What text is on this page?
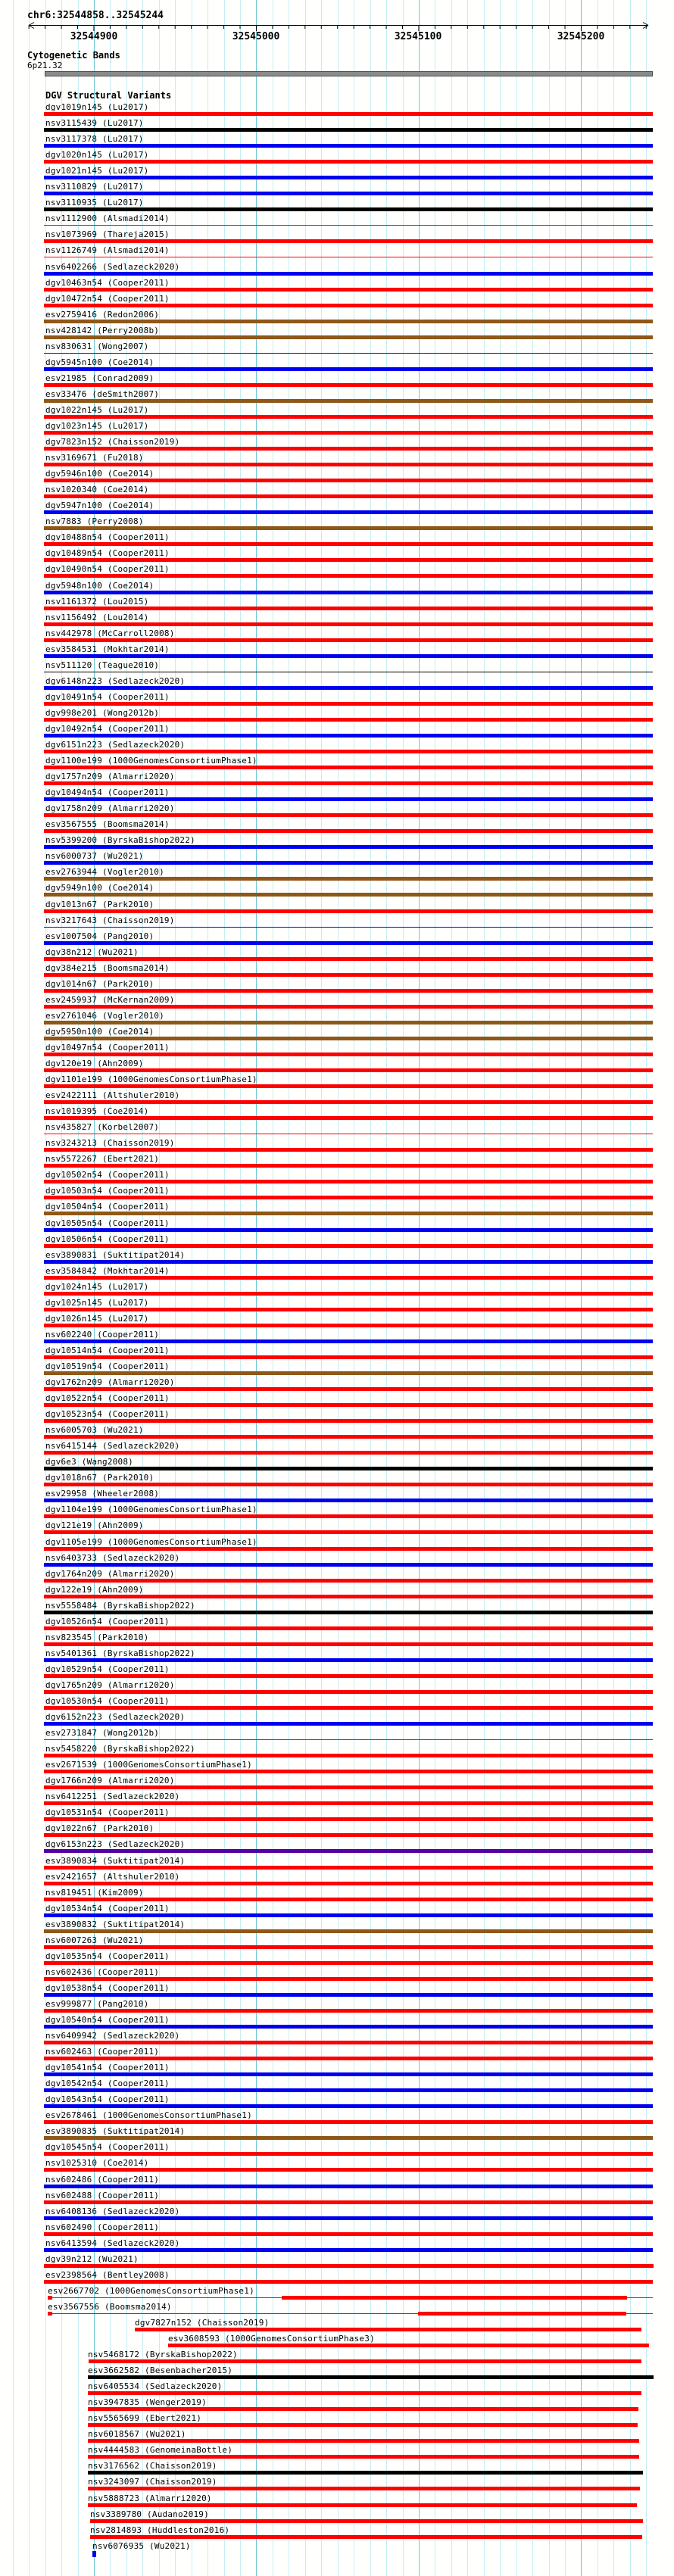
chr6:32544858..32545244
32544900	32545000	32545100	32545200
Cytogenetic Bands
6p21.32
DGV Structural Variants
dgv1019n145 (Lu2017)
nsv3115439 (Lu2017)
nsv3117378 (Lu2017)
dgv1020n145 (Lu2017)
dgv1021n145 (Lu2017)
nsv3110829 (Lu2017)
nsv3110935 (Lu2017)
nsv1112900 (Alsmadi2014)
nsv1073969 (Thareja2015)
nsv1126749 (Alsmadi2014)
nsv6402266 (Sedlazeck2020)
dgv10463n54 (Cooper2011)
dgv10472n54 (Cooper2011)
esv2759416 (Redon2006)
nsv428142 (Perry2008b)
nsv830631 (Wong2007)
dgv5945n100 (Coe2014)
esv21985 (Conrad2009)
esv33476 (deSmith2007)
dgv1022n145 (Lu2017)
dgv1023n145 (Lu2017)
dgv7823n152 (Chaisson2019)
nsv3169671 (Fu2018)
dgv5946n100 (Coe2014)
nsv1020340 (Coe2014)
dgv5947n100 (Coe2014)
nsv7883 (Perry2008)
dgv10488n54 (Cooper2011)
dgv10489n54 (Cooper2011)
dgv10490n54 (Cooper2011)
dgv5948n100 (Coe2014)
nsv1161372 (Lou2015)
nsv1156492 (Lou2014)
nsv442978 (McCarroll2008)
esv3584531 (Mokhtar2014)
nsv511120 (Teague2010)
dgv6148n223 (Sedlazeck2020)
dgv10491n54 (Cooper2011)
dgv998e201 (Wong2012b)
dgv10492n54 (Cooper2011)
dgv6151n223 (Sedlazeck2020)
dgv1100e199 (1000GenomesConsortiumPhase1)
dgv1757n209 (Almarri2020)
dgv10494n54 (Cooper2011)
dgv1758n209 (Almarri2020)
esv3567555 (Boomsma2014)
nsv5399200 (ByrskaBishop2022)
nsv6000737 (Wu2021)
esv2763944 (Vogler2010)
dgv5949n100 (Coe2014)
dgv1013n67 (Park2010)
nsv3217643 (Chaisson2019)
esv1007504 (Pang2010)
dgv38n212 (Wu2021)
dgv384e215 (Boomsma2014)
dgv1014n67 (Park2010)
esv2459937 (McKernan2009)
esv2761046 (Vogler2010)
dgv5950n100 (Coe2014)
dgv10497n54 (Cooper2011)
dgv120e19 (Ahn2009)
dgv1101e199 (1000GenomesConsortiumPhase1)
esv2422111 (Altshuler2010)
nsv1019395 (Coe2014)
nsv435827 (Korbel2007)
nsv3243213 (Chaisson2019)
nsv5572267 (Ebert2021)
dgv10502n54 (Cooper2011)
dgv10503n54 (Cooper2011)
dgv10504n54 (Cooper2011)
dgv10505n54 (Cooper2011)
dgv10506n54 (Cooper2011)
esv3890831 (Suktitipat2014)
esv3584842 (Mokhtar2014)
dgv1024n145 (Lu2017)
dgv1025n145 (Lu2017)
dgv1026n145 (Lu2017)
nsv602240 (Cooper2011)
dgv10514n54 (Cooper2011)
dgv10519n54 (Cooper2011)
dgv1762n209 (Almarri2020)
dgv10522n54 (Cooper2011)
dgv10523n54 (Cooper2011)
nsv6005703 (Wu2021)
nsv6415144 (Sedlazeck2020)
dgv6e3 (Wang2008)
dgv1018n67 (Park2010)
esv29958 (Wheeler2008)
dgv1104e199 (1000GenomesConsortiumPhase1)
dgv121e19 (Ahn2009)
dgv1105e199 (1000GenomesConsortiumPhase1)
nsv6403733 (Sedlazeck2020)
dgv1764n209 (Almarri2020)
dgv122e19 (Ahn2009)
nsv5558484 (ByrskaBishop2022)
dgv10526n54 (Cooper2011)
nsv823545 (Park2010)
nsv5401361 (ByrskaBishop2022)
dgv10529n54 (Cooper2011)
dgv1765n209 (Almarri2020)
dgv10530n54 (Cooper2011)
dgv6152n223 (Sedlazeck2020)
esv2731847 (Wong2012b)
nsv5458220 (ByrskaBishop2022)
esv2671539 (1000GenomesConsortiumPhase1)
dgv1766n209 (Almarri2020)
nsv6412251 (Sedlazeck2020)
dgv10531n54 (Cooper2011)
dgv1022n67 (Park2010)
dgv6153n223 (Sedlazeck2020)
esv3890834 (Suktitipat2014)
esv2421657 (Altshuler2010)
nsv819451 (Kim2009)
dgv10534n54 (Cooper2011)
esv3890832 (Suktitipat2014)
nsv6007263 (Wu2021)
dgv10535n54 (Cooper2011)
nsv602436 (Cooper2011)
dgv10538n54 (Cooper2011)
esv999877 (Pang2010)
dgv10540n54 (Cooper2011)
nsv6409942 (Sedlazeck2020)
nsv602463 (Cooper2011)
dgv10541n54 (Cooper2011)
dgv10542n54 (Cooper2011)
dgv10543n54 (Cooper2011)
esv2678461 (1000GenomesConsortiumPhase1)
esv3890835 (Suktitipat2014)
dgv10545n54 (Cooper2011)
nsv1025310 (Coe2014)
nsv602486 (Cooper2011)
nsv602488 (Cooper2011)
nsv6408136 (Sedlazeck2020)
nsv602490 (Cooper2011)
nsv6413594 (Sedlazeck2020)
dgv39n212 (Wu2021)
esv2398564 (Bentley2008)
esv2667702 (1000GenomesConsortiumPhase1)
esv3567556 (Boomsma2014)
dgv7827n152 (Chaisson2019)
esv3608593 (1000GenomesConsortiumPhase3)
nsv5468172 (ByrskaBishop2022)
esv3662582 (Besenbacher2015)
nsv6405534 (Sedlazeck2020)
nsv3947835 (Wenger2019)
nsv5565699 (Ebert2021)
nsv6018567 (Wu2021)
nsv4444583 (GenomeinaBottle)
nsv3176562 (Chaisson2019)
nsv3243097 (Chaisson2019)
nsv5888723 (Almarri2020)
nsv3389780 (Audano2019)
nsv2814893 (Huddleston2016)
nsv6076935 (Wu2021)
